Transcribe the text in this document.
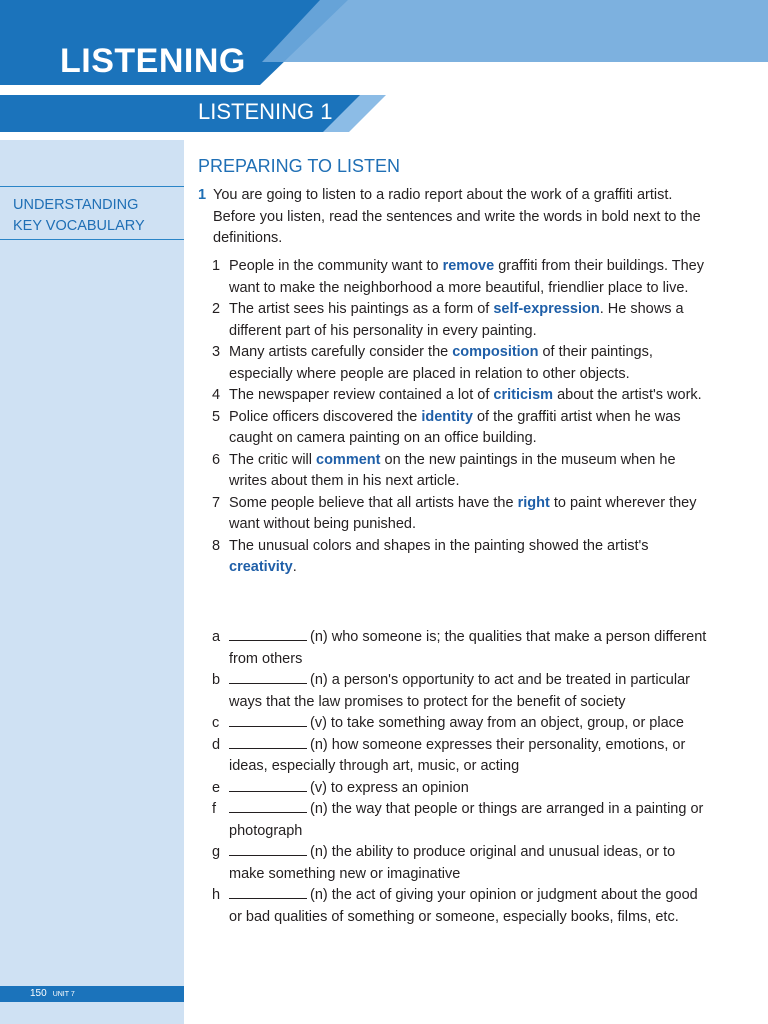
LISTENING
LISTENING 1
UNDERSTANDING
KEY VOCABULARY
150 UNIT 7
PREPARING TO LISTEN
1 You are going to listen to a radio report about the work of a graffiti artist. Before you listen, read the sentences and write the words in bold next to the definitions.
1 People in the community want to remove graffiti from their buildings. They want to make the neighborhood a more beautiful, friendlier place to live.
2 The artist sees his paintings as a form of self-expression. He shows a different part of his personality in every painting.
3 Many artists carefully consider the composition of their paintings, especially where people are placed in relation to other objects.
4 The newspaper review contained a lot of criticism about the artist's work.
5 Police officers discovered the identity of the graffiti artist when he was caught on camera painting on an office building.
6 The critic will comment on the new paintings in the museum when he writes about them in his next article.
7 Some people believe that all artists have the right to paint wherever they want without being punished.
8 The unusual colors and shapes in the painting showed the artist's creativity.
a	(n) who someone is; the qualities that make a person different from others
b	(n) a person's opportunity to act and be treated in particular ways that the law promises to protect for the benefit of society
c	(v) to take something away from an object, group, or place
d	(n) how someone expresses their personality, emotions, or ideas, especially through art, music, or acting
e	(v) to express an opinion
f	(n) the way that people or things are arranged in a painting or photograph
g	(n) the ability to produce original and unusual ideas, or to make something new or imaginative
h	(n) the act of giving your opinion or judgment about the good or bad qualities of something or someone, especially books, films, etc.
